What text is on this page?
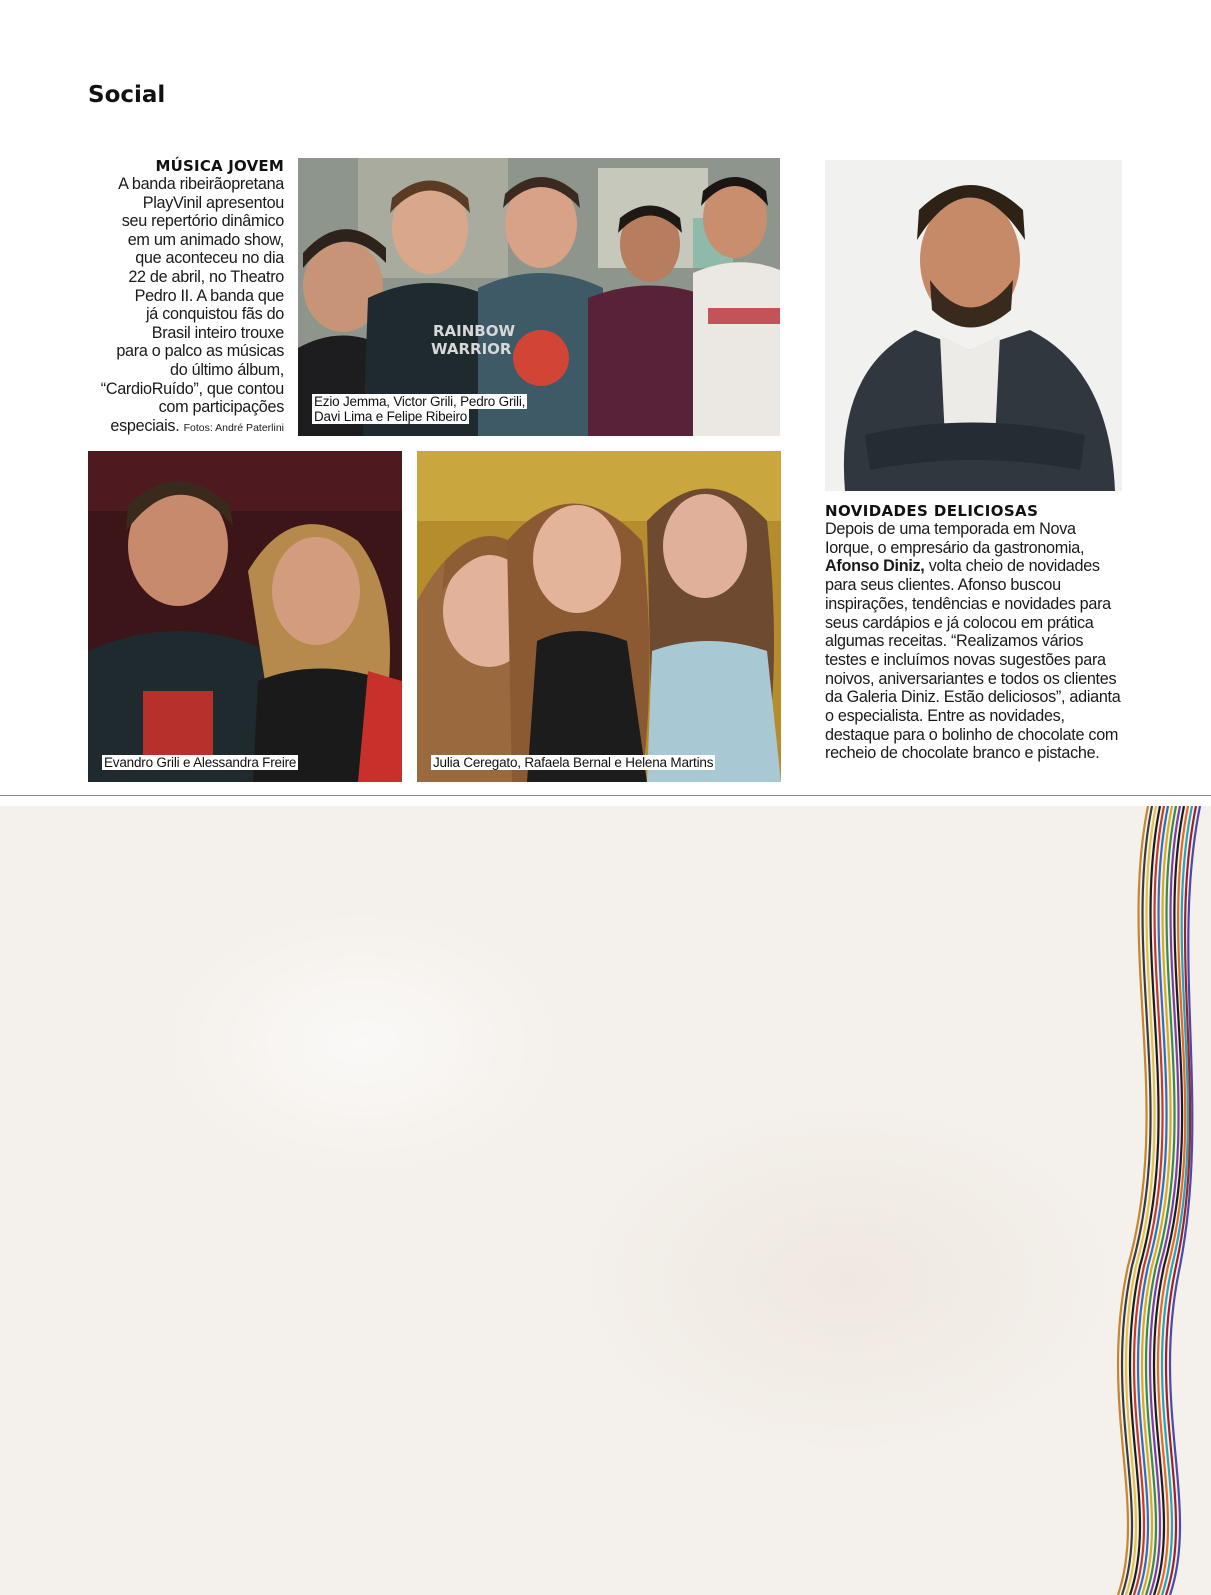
Social
MÚSICA JOVEM
A banda ribeirãopretana
PlayVinil apresentou
seu repertório dinâmico
em um animado show,
que aconteceu no dia
22 de abril, no Theatro
Pedro II. A banda que
já conquistou fãs do
Brasil inteiro trouxe
para o palco as músicas
do último álbum,
“CardioRuído”, que contou
com participações
especiais. Fotos: André Paterlini
RAINBOW
WARRIOR
Ezio Jemma, Victor Grili, Pedro Grili,
Davi Lima e Felipe Ribeiro
Evandro Grili e Alessandra Freire	Julia Ceregato, Rafaela Bernal e Helena Martins
NOVIDADES DELICIOSAS
Depois de uma temporada em Nova Iorque, o empresário da gastronomia, Afonso Diniz, volta cheio de novidades para seus clientes. Afonso buscou inspirações, tendências e novidades para seus cardápios e já colocou em prática algumas receitas. “Realizamos vários testes e incluímos novas sugestões para noivos, aniversariantes e todos os clientes da Galeria Diniz. Estão deliciosos”, adianta o especialista. Entre as novidades, destaque para o bolinho de chocolate com recheio de chocolate branco e pistache.
